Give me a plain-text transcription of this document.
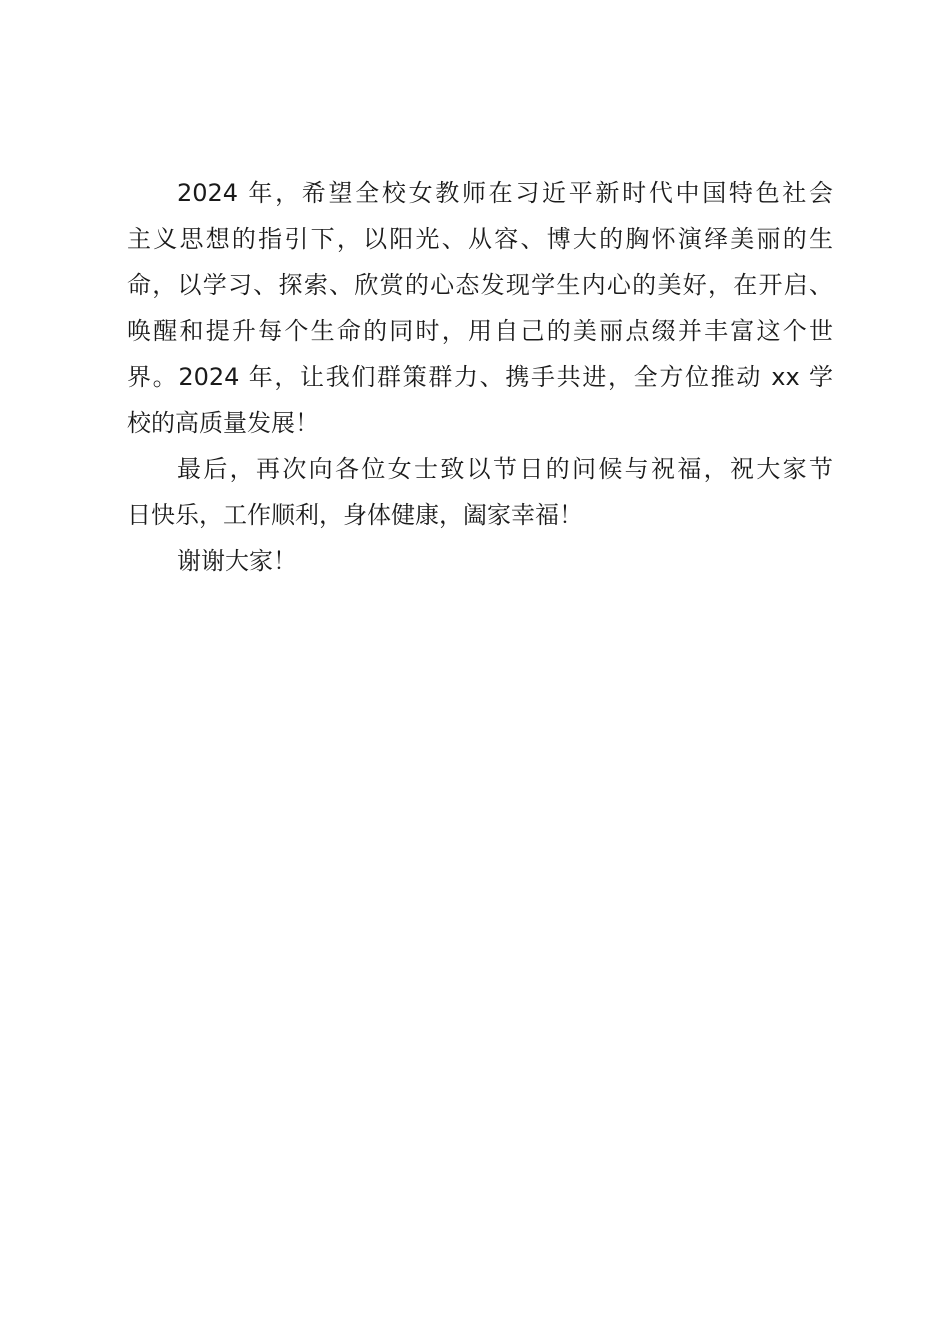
2024 年，希望全校女教师在习近平新时代中国特色社会
主义思想的指引下，以阳光、从容、博大的胸怀演绎美丽的生
命，以学习、探索、欣赏的心态发现学生内心的美好，在开启、
唤醒和提升每个生命的同时，用自己的美丽点缀并丰富这个世
界。2024 年，让我们群策群力、携手共进，全方位推动 xx 学
校的高质量发展！
最后，再次向各位女士致以节日的问候与祝福，祝大家节
日快乐，工作顺利，身体健康，阖家幸福！
谢谢大家！
